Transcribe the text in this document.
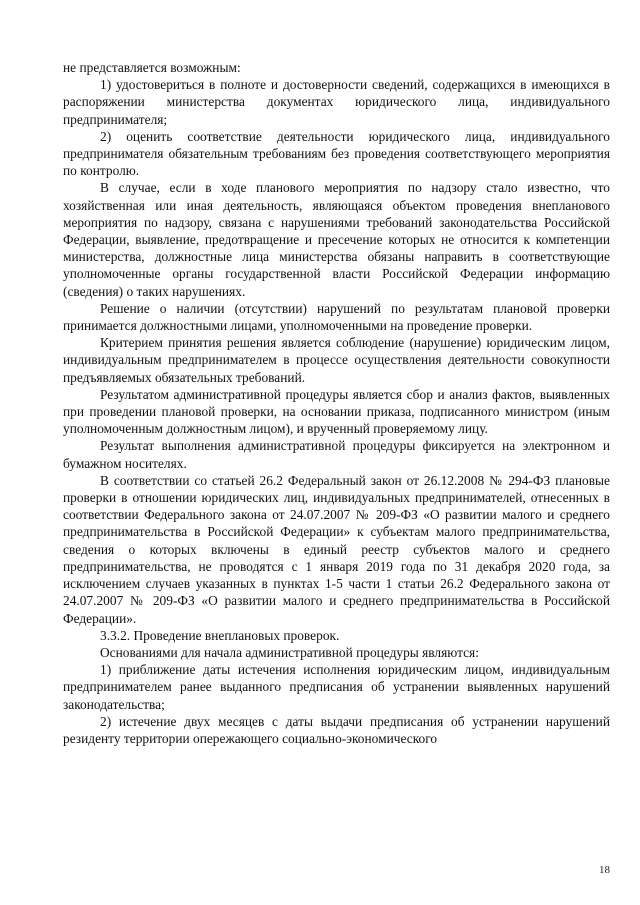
не представляется возможным:

1) удостовериться в полноте и достоверности сведений, содержащихся в имеющихся в распоряжении министерства документах юридического лица, индивидуального предпринимателя;

2) оценить соответствие деятельности юридического лица, индивидуального предпринимателя обязательным требованиям без проведения соответствующего мероприятия по контролю.

В случае, если в ходе планового мероприятия по надзору стало известно, что хозяйственная или иная деятельность, являющаяся объектом проведения внепланового мероприятия по надзору, связана с нарушениями требований законодательства Российской Федерации, выявление, предотвращение и пресечение которых не относится к компетенции министерства, должностные лица министерства обязаны направить в соответствующие уполномоченные органы государственной власти Российской Федерации информацию (сведения) о таких нарушениях.

Решение о наличии (отсутствии) нарушений по результатам плановой проверки принимается должностными лицами, уполномоченными на проведение проверки.

Критерием принятия решения является соблюдение (нарушение) юридическим лицом, индивидуальным предпринимателем в процессе осуществления деятельности совокупности предъявляемых обязательных требований.

Результатом административной процедуры является сбор и анализ фактов, выявленных при проведении плановой проверки, на основании приказа, подписанного министром (иным уполномоченным должностным лицом), и врученный проверяемому лицу.

Результат выполнения административной процедуры фиксируется на электронном и бумажном носителях.

В соответствии со статьей 26.2 Федеральный закон от 26.12.2008 № 294-ФЗ плановые проверки в отношении юридических лиц, индивидуальных предпринимателей, отнесенных в соответствии Федерального закона от 24.07.2007 № 209-ФЗ «О развитии малого и среднего предпринимательства в Российской Федерации» к субъектам малого предпринимательства, сведения о которых включены в единый реестр субъектов малого и среднего предпринимательства, не проводятся с 1 января 2019 года по 31 декабря 2020 года, за исключением случаев указанных в пунктах 1-5 части 1 статьи 26.2 Федерального закона от 24.07.2007 № 209-ФЗ «О развитии малого и среднего предпринимательства в Российской Федерации».

3.3.2. Проведение внеплановых проверок.

Основаниями для начала административной процедуры являются:

1) приближение даты истечения исполнения юридическим лицом, индивидуальным предпринимателем ранее выданного предписания об устранении выявленных нарушений законодательства;

2) истечение двух месяцев с даты выдачи предписания об устранении нарушений резиденту территории опережающего социально-экономического

18
